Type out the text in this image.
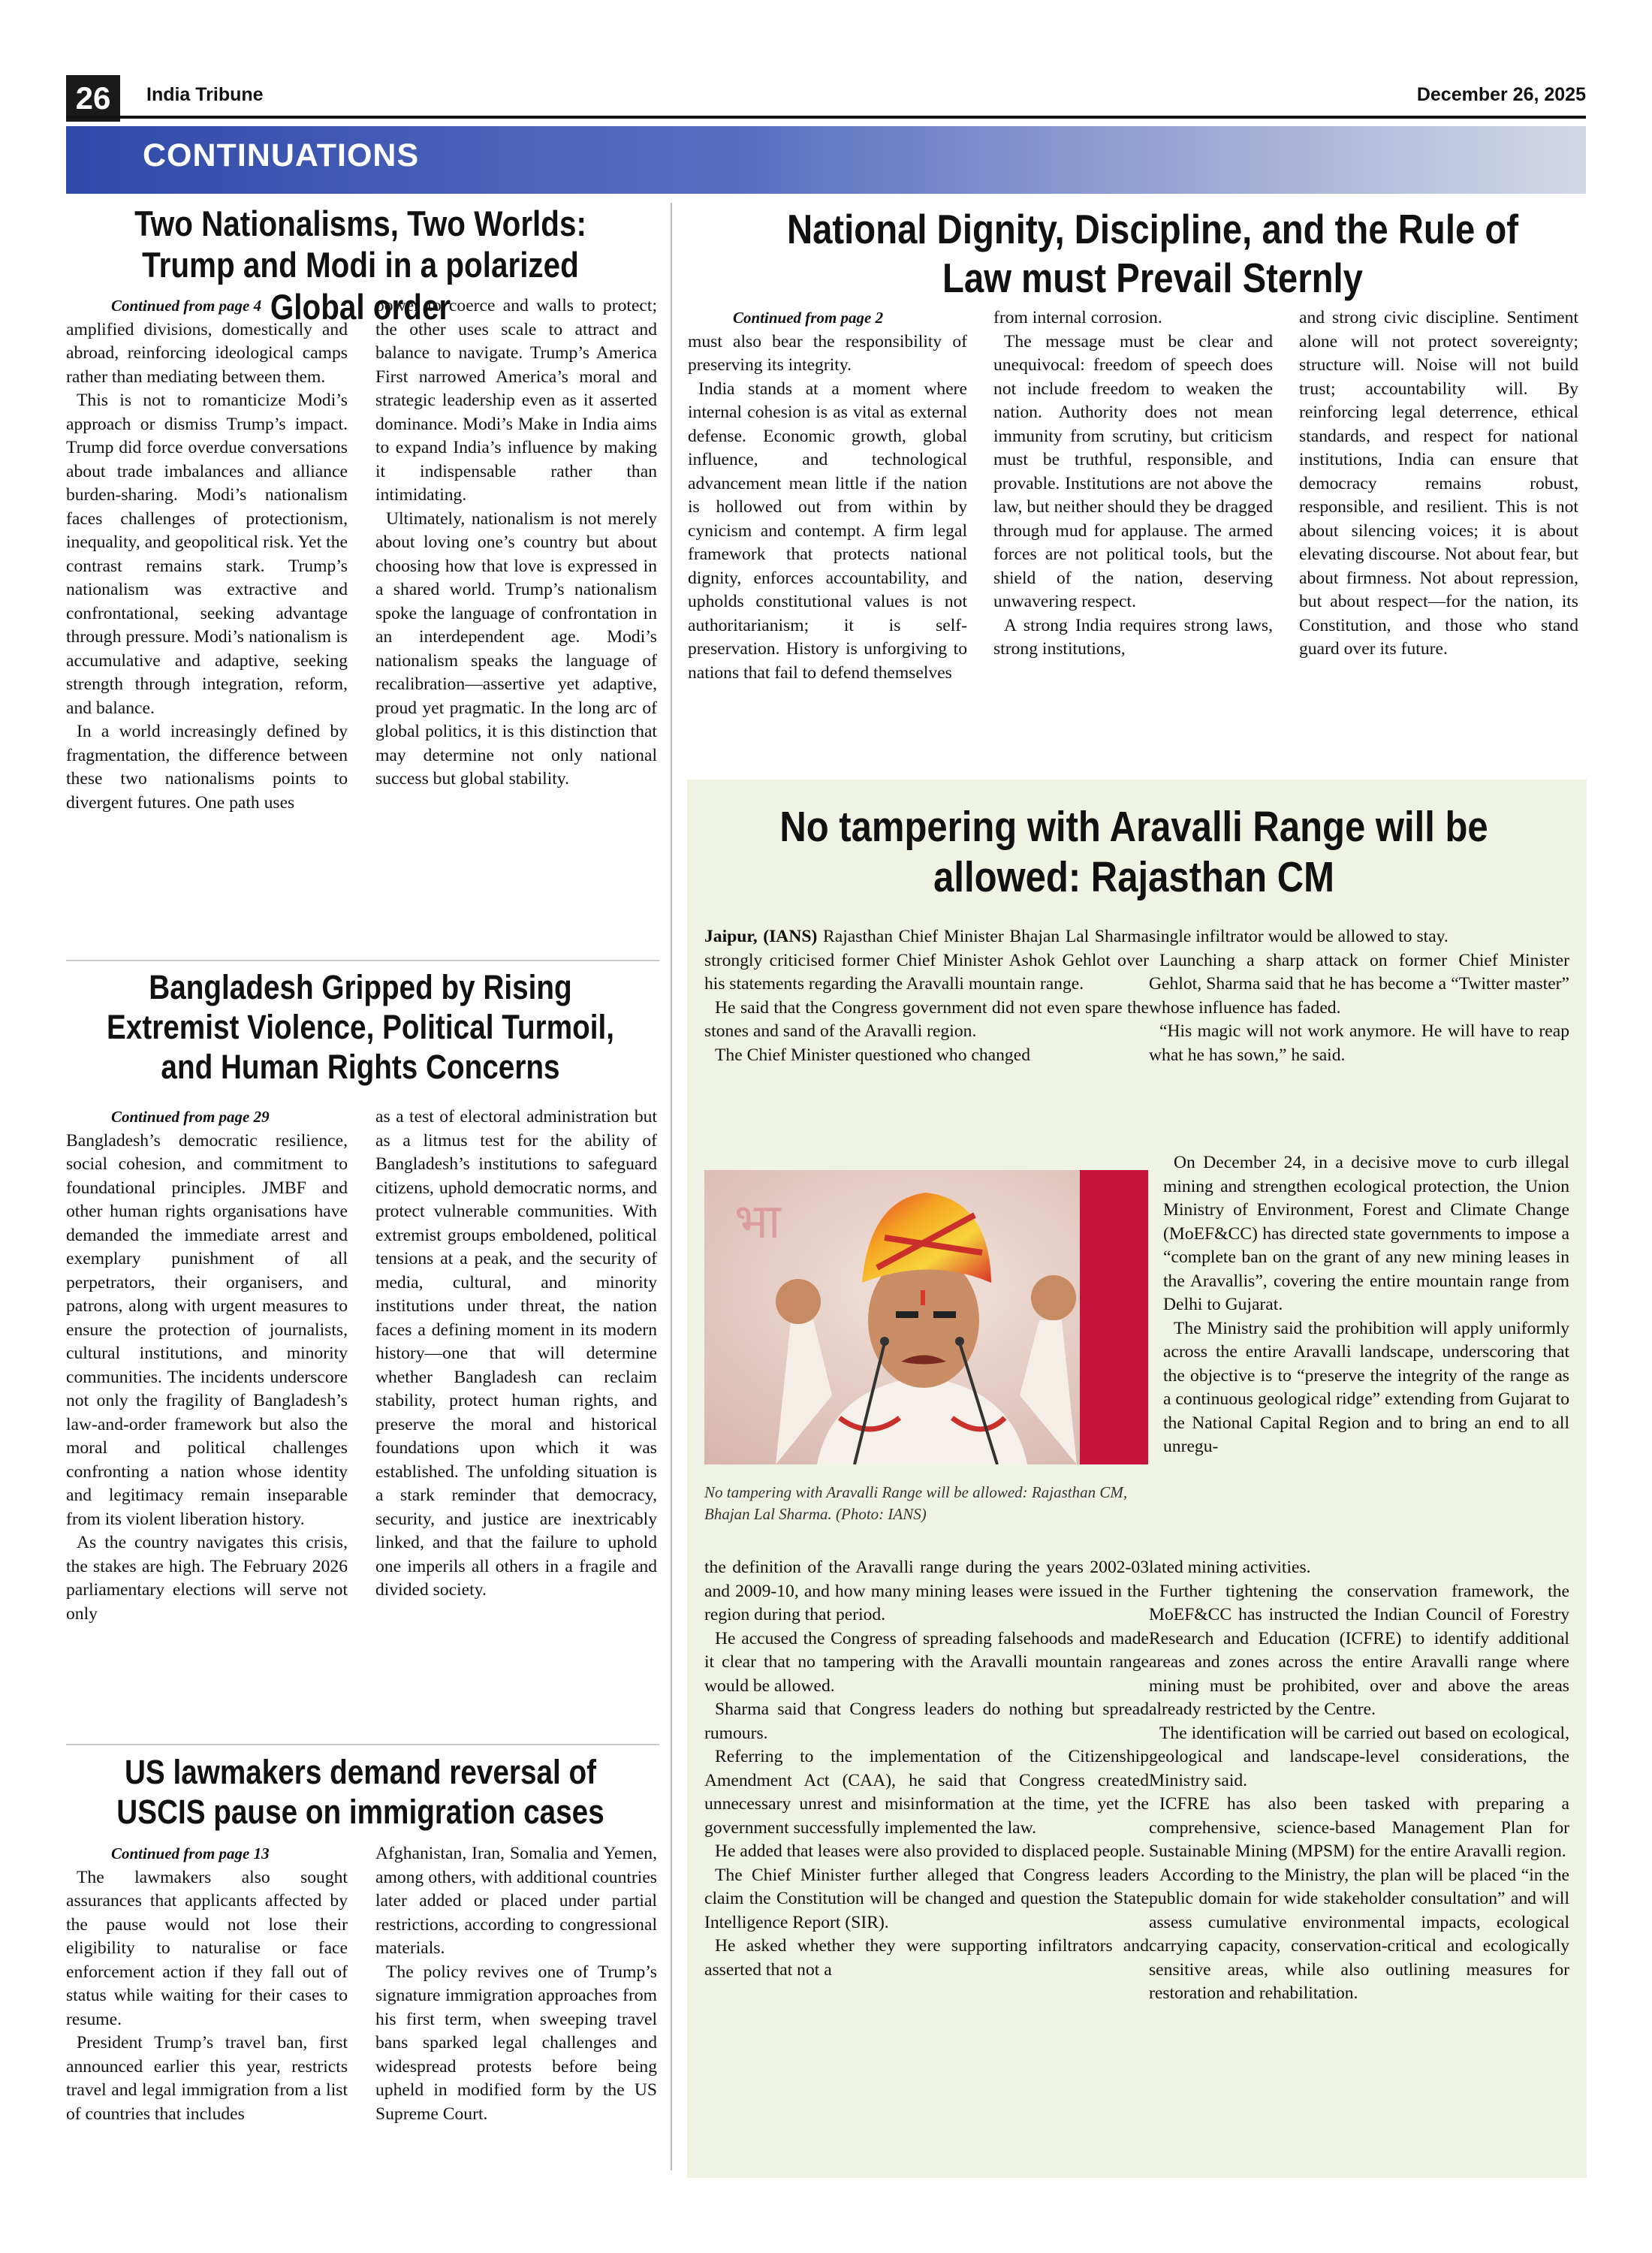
26	India Tribune	December 26, 2025
CONTINUATIONS
Two Nationalisms, Two Worlds: Trump and Modi in a polarized Global order
Continued from page 4

amplified divisions, domestically and abroad, reinforcing ideological camps rather than mediating between them.

This is not to romanticize Modi’s approach or dismiss Trump’s impact. Trump did force overdue conversations about trade imbalances and alliance burden-sharing. Modi’s nationalism faces challenges of protectionism, inequality, and geopolitical risk. Yet the contrast remains stark. Trump’s nationalism was extractive and confrontational, seeking advantage through pressure. Modi’s nationalism is accumulative and adaptive, seeking strength through integration, reform, and balance.

In a world increasingly defined by fragmentation, the difference between these two nationalisms points to divergent futures. One path uses

power to coerce and walls to protect; the other uses scale to attract and balance to navigate. Trump’s America First narrowed America’s moral and strategic leadership even as it asserted dominance. Modi’s Make in India aims to expand India’s influence by making it indispensable rather than intimidating.

Ultimately, nationalism is not merely about loving one’s country but about choosing how that love is expressed in a shared world. Trump’s nationalism spoke the language of confrontation in an interdependent age. Modi’s nationalism speaks the language of recalibration—assertive yet adaptive, proud yet pragmatic. In the long arc of global politics, it is this distinction that may determine not only national success but global stability.

National Dignity, Discipline, and the Rule of Law must Prevail Sternly
Continued from page 2

must also bear the responsibility of preserving its integrity.

India stands at a moment where internal cohesion is as vital as external defense. Economic growth, global influence, and technological advancement mean little if the nation is hollowed out from within by cynicism and contempt. A firm legal framework that protects national dignity, enforces accountability, and upholds constitutional values is not authoritarianism; it is self-preservation. History is unforgiving to nations that fail to defend themselves

from internal corrosion.

The message must be clear and unequivocal: freedom of speech does not include freedom to weaken the nation. Authority does not mean immunity from scrutiny, but criticism must be truthful, responsible, and provable. Institutions are not above the law, but neither should they be dragged through mud for applause. The armed forces are not political tools, but the shield of the nation, deserving unwavering respect.

A strong India requires strong laws, strong institutions,

and strong civic discipline. Sentiment alone will not protect sovereignty; structure will. Noise will not build trust; accountability will. By reinforcing legal deterrence, ethical standards, and respect for national institutions, India can ensure that democracy remains robust, responsible, and resilient. This is not about silencing voices; it is about elevating discourse. Not about fear, but about firmness. Not about repression, but about respect—for the nation, its Constitution, and those who stand guard over its future.

No tampering with Aravalli Range will be allowed: Rajasthan CM

Jaipur, (IANS) Rajasthan Chief Minister Bhajan Lal Sharma strongly criticised former Chief Minister Ashok Gehlot over his statements regarding the Aravalli mountain range.

He said that the Congress government did not even spare the stones and sand of the Aravalli region.

The Chief Minister questioned who changed

भा
No tampering with Aravalli Range will be allowed: Rajasthan CM, Bhajan Lal Sharma. (Photo: IANS)

the definition of the Aravalli range during the years 2002-03 and 2009-10, and how many mining leases were issued in the region during that period.

He accused the Congress of spreading falsehoods and made it clear that no tampering with the Aravalli mountain range would be allowed.

Sharma said that Congress leaders do nothing but spread rumours.

Referring to the implementation of the Citizenship Amendment Act (CAA), he said that Congress created unnecessary unrest and misinformation at the time, yet the government successfully implemented the law.

He added that leases were also provided to displaced people.

The Chief Minister further alleged that Congress leaders claim the Constitution will be changed and question the State Intelligence Report (SIR).

He asked whether they were supporting infiltrators and asserted that not a

single infiltrator would be allowed to stay.

Launching a sharp attack on former Chief Minister Gehlot, Sharma said that he has become a “Twitter master” whose influence has faded.

“His magic will not work anymore. He will have to reap what he has sown,” he said.

On December 24, in a decisive move to curb illegal mining and strengthen ecological protection, the Union Ministry of Environment, Forest and Climate Change (MoEF&CC) has directed state governments to impose a “complete ban on the grant of any new mining leases in the Aravallis”, covering the entire mountain range from Delhi to Gujarat.

The Ministry said the prohibition will apply uniformly across the entire Aravalli landscape, underscoring that the objective is to “preserve the integrity of the range as a continuous geological ridge” extending from Gujarat to the National Capital Region and to bring an end to all unregu-

lated mining activities.

Further tightening the conservation framework, the MoEF&CC has instructed the Indian Council of Forestry Research and Education (ICFRE) to identify additional areas and zones across the entire Aravalli range where mining must be prohibited, over and above the areas already restricted by the Centre.

The identification will be carried out based on ecological, geological and landscape-level considerations, the Ministry said.

ICFRE has also been tasked with preparing a comprehensive, science-based Management Plan for Sustainable Mining (MPSM) for the entire Aravalli region.

According to the Ministry, the plan will be placed “in the public domain for wide stakeholder consultation” and will assess cumulative environmental impacts, ecological carrying capacity, conservation-critical and ecologically sensitive areas, while also outlining measures for restoration and rehabilitation.

Bangladesh Gripped by Rising Extremist Violence, Political Turmoil, and Human Rights Concerns
Continued from page 29

Bangladesh’s democratic resilience, social cohesion, and commitment to foundational principles. JMBF and other human rights organisations have demanded the immediate arrest and exemplary punishment of all perpetrators, their organisers, and patrons, along with urgent measures to ensure the protection of journalists, cultural institutions, and minority communities. The incidents underscore not only the fragility of Bangladesh’s law-and-order framework but also the moral and political challenges confronting a nation whose identity and legitimacy remain inseparable from its violent liberation history.

As the country navigates this crisis, the stakes are high. The February 2026 parliamentary elections will serve not only

as a test of electoral administration but as a litmus test for the ability of Bangladesh’s institutions to safeguard citizens, uphold democratic norms, and protect vulnerable communities. With extremist groups emboldened, political tensions at a peak, and the security of media, cultural, and minority institutions under threat, the nation faces a defining moment in its modern history—one that will determine whether Bangladesh can reclaim stability, protect human rights, and preserve the moral and historical foundations upon which it was established. The unfolding situation is a stark reminder that democracy, security, and justice are inextricably linked, and that the failure to uphold one imperils all others in a fragile and divided society.

US lawmakers demand reversal of USCIS pause on immigration cases
Continued from page 13

The lawmakers also sought assurances that applicants affected by the pause would not lose their eligibility to naturalise or face enforcement action if they fall out of status while waiting for their cases to resume.

President Trump’s travel ban, first announced earlier this year, restricts travel and legal immigration from a list of countries that includes

Afghanistan, Iran, Somalia and Yemen, among others, with additional countries later added or placed under partial restrictions, according to congressional materials.

The policy revives one of Trump’s signature immigration approaches from his first term, when sweeping travel bans sparked legal challenges and widespread protests before being upheld in modified form by the US Supreme Court.
